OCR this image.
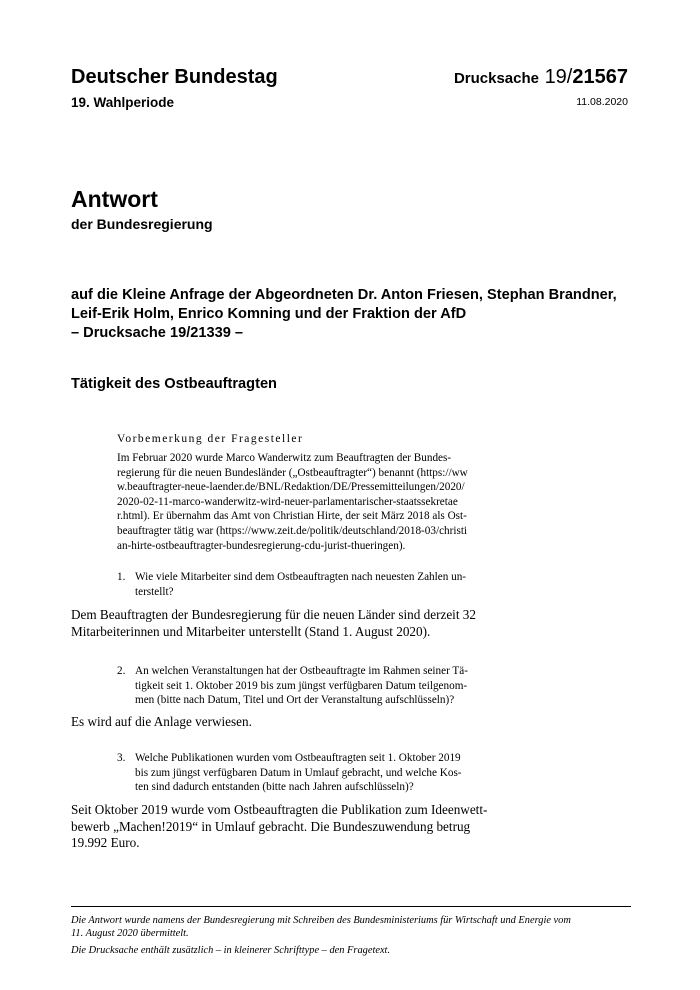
Deutscher Bundestag
19. Wahlperiode
Drucksache 19/21567
11.08.2020
Antwort
der Bundesregierung
auf die Kleine Anfrage der Abgeordneten Dr. Anton Friesen, Stephan Brandner,
Leif-Erik Holm, Enrico Komning und der Fraktion der AfD
– Drucksache 19/21339 –
Tätigkeit des Ostbeauftragten
Vorbemerkung der Fragesteller
Im Februar 2020 wurde Marco Wanderwitz zum Beauftragten der Bundes-
regierung für die neuen Bundesländer („Ostbeauftragter“) benannt (https://ww
w.beauftragter-neue-laender.de/BNL/Redaktion/DE/Pressemitteilungen/2020/
2020-02-11-marco-wanderwitz-wird-neuer-parlamentarischer-staatssekretae
r.html). Er übernahm das Amt von Christian Hirte, der seit März 2018 als Ost-
beauftragter tätig war (https://www.zeit.de/politik/deutschland/2018-03/christi
an-hirte-ostbeauftragter-bundesregierung-cdu-jurist-thueringen).
1. Wie viele Mitarbeiter sind dem Ostbeauftragten nach neuesten Zahlen un-
terstellt?
Dem Beauftragten der Bundesregierung für die neuen Länder sind derzeit 32
Mitarbeiterinnen und Mitarbeiter unterstellt (Stand 1. August 2020).
2. An welchen Veranstaltungen hat der Ostbeauftragte im Rahmen seiner Tä-
tigkeit seit 1. Oktober 2019 bis zum jüngst verfügbaren Datum teilgenom-
men (bitte nach Datum, Titel und Ort der Veranstaltung aufschlüsseln)?
Es wird auf die Anlage verwiesen.
3. Welche Publikationen wurden vom Ostbeauftragten seit 1. Oktober 2019
bis zum jüngst verfügbaren Datum in Umlauf gebracht, und welche Kos-
ten sind dadurch entstanden (bitte nach Jahren aufschlüsseln)?
Seit Oktober 2019 wurde vom Ostbeauftragten die Publikation zum Ideenwett-
bewerb „Machen!2019“ in Umlauf gebracht. Die Bundeszuwendung betrug
19.992 Euro.
Die Antwort wurde namens der Bundesregierung mit Schreiben des Bundesministeriums für Wirtschaft und Energie vom
11. August 2020 übermittelt.
Die Drucksache enthält zusätzlich – in kleinerer Schrifttype – den Fragetext.
